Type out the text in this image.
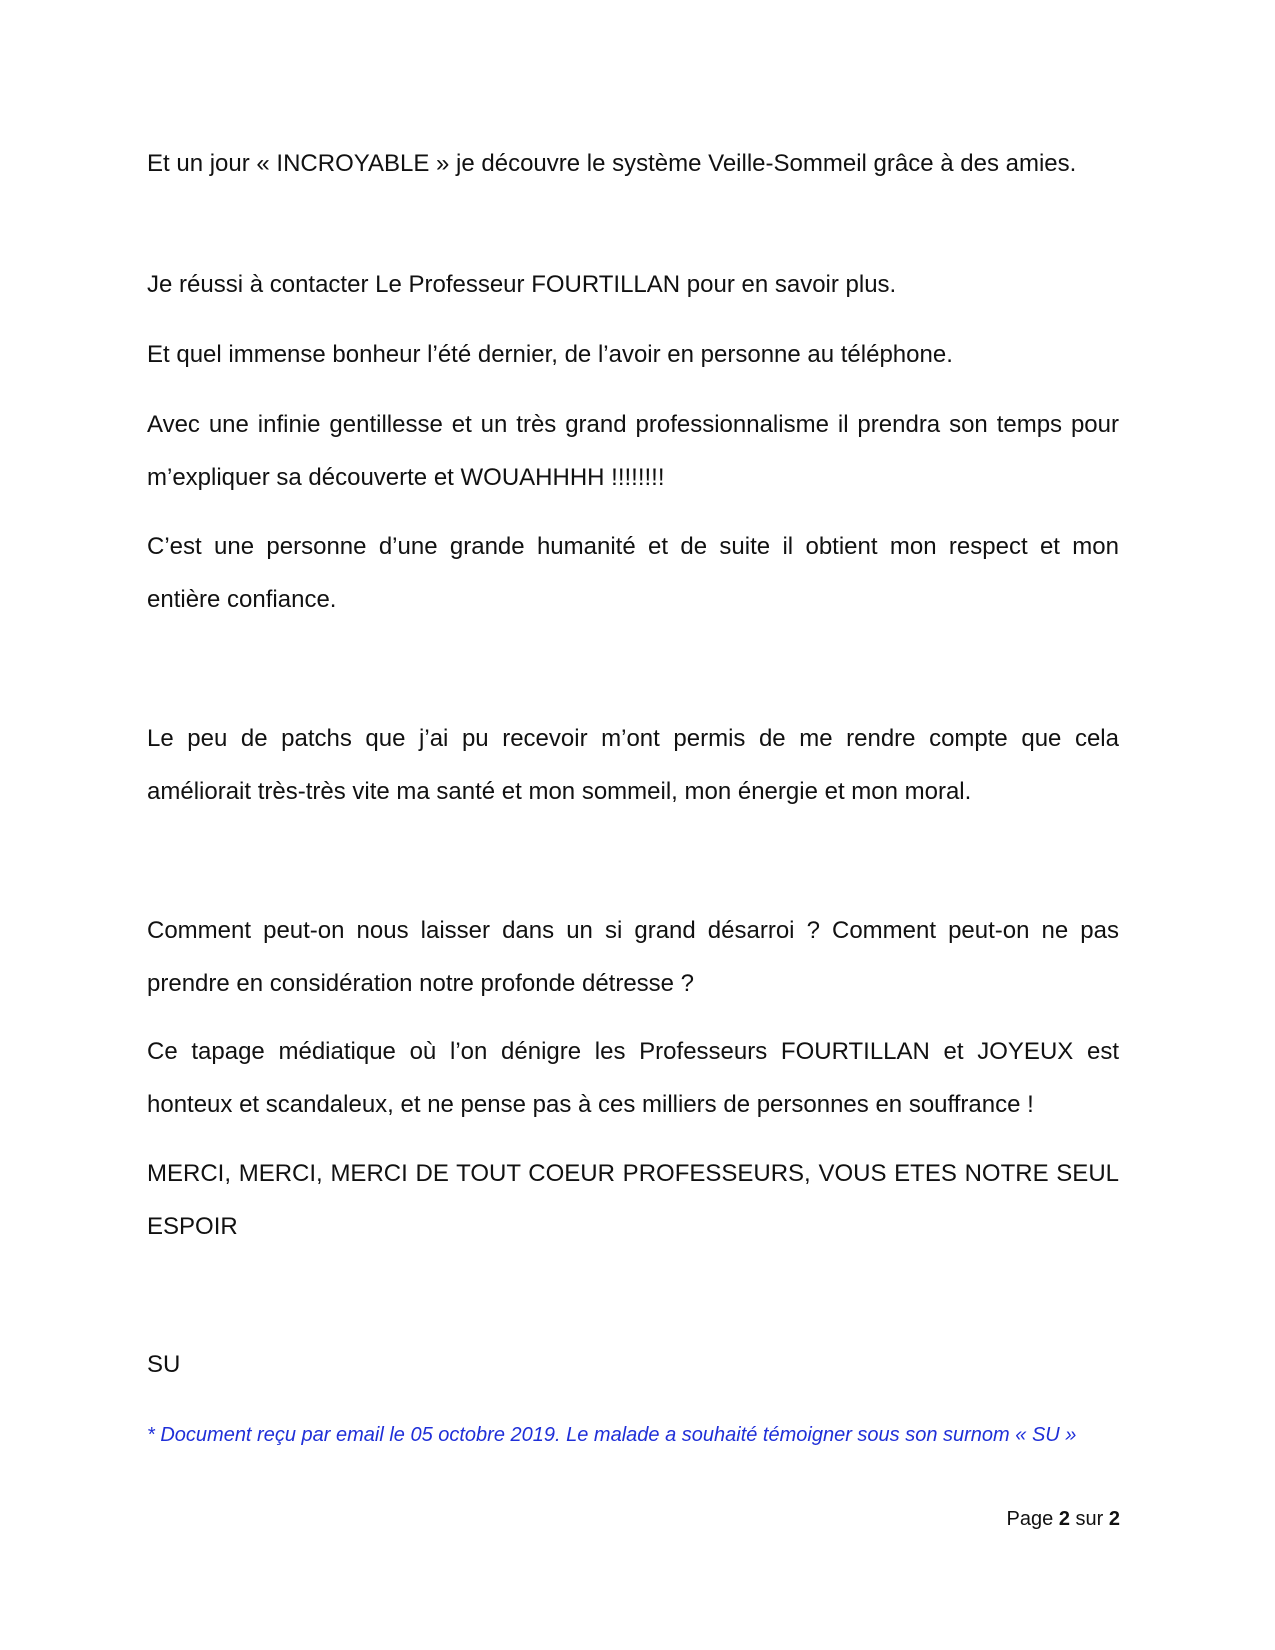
Et un jour « INCROYABLE » je découvre le système Veille-Sommeil grâce à des amies.

Je réussi à contacter Le Professeur FOURTILLAN pour en savoir plus.

Et quel immense bonheur l’été dernier, de l’avoir en personne au téléphone.

Avec une infinie gentillesse et un très grand professionnalisme il prendra son temps pour m’expliquer sa découverte et WOUAHHHH !!!!!!!!

C’est une personne d’une grande humanité et de suite il obtient mon respect et mon entière confiance.

Le peu de patchs que j’ai pu recevoir m’ont permis de me rendre compte que cela améliorait très-très vite ma santé et mon sommeil, mon énergie et mon moral.

Comment peut-on nous laisser dans un si grand désarroi ? Comment peut-on ne pas prendre en considération notre profonde détresse ?

Ce tapage médiatique où l’on dénigre les Professeurs FOURTILLAN et JOYEUX est honteux et scandaleux, et ne pense pas à ces milliers de personnes en souffrance !

MERCI, MERCI, MERCI DE TOUT COEUR PROFESSEURS, VOUS ETES NOTRE SEUL ESPOIR

SU

* Document reçu par email le 05 octobre 2019. Le malade a souhaité témoigner sous son surnom « SU »

Page 2 sur 2
